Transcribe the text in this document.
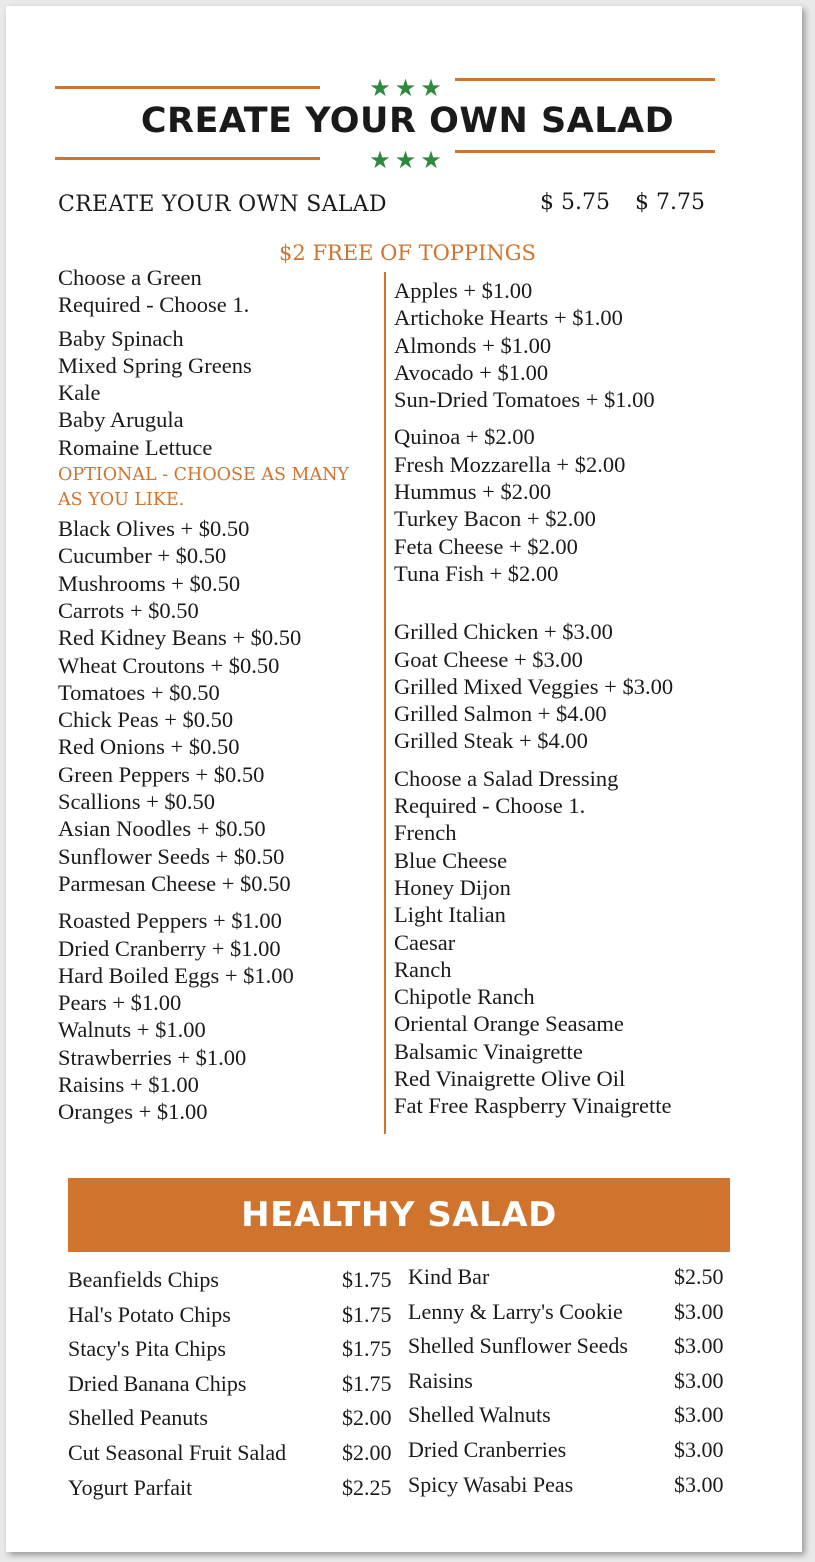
★★★
CREATE YOUR OWN SALAD
★★★
CREATE YOUR OWN SALAD	$ 5.75 $ 7.75
$2 FREE OF TOPPINGS
Choose a Green
Required - Choose 1.
Baby Spinach
Mixed Spring Greens
Kale
Baby Arugula
Romaine Lettuce
OPTIONAL - CHOOSE AS MANY
AS YOU LIKE.
Black Olives + $0.50
Cucumber + $0.50
Mushrooms + $0.50
Carrots + $0.50
Red Kidney Beans + $0.50
Wheat Croutons + $0.50
Tomatoes + $0.50
Chick Peas + $0.50
Red Onions + $0.50
Green Peppers + $0.50
Scallions + $0.50
Asian Noodles + $0.50
Sunflower Seeds + $0.50
Parmesan Cheese + $0.50
Roasted Peppers + $1.00
Dried Cranberry + $1.00
Hard Boiled Eggs + $1.00
Pears + $1.00
Walnuts + $1.00
Strawberries + $1.00
Raisins + $1.00
Oranges + $1.00
Apples + $1.00
Artichoke Hearts + $1.00
Almonds + $1.00
Avocado + $1.00
Sun-Dried Tomatoes + $1.00
Quinoa + $2.00
Fresh Mozzarella + $2.00
Hummus + $2.00
Turkey Bacon + $2.00
Feta Cheese + $2.00
Tuna Fish + $2.00
Grilled Chicken + $3.00
Goat Cheese + $3.00
Grilled Mixed Veggies + $3.00
Grilled Salmon + $4.00
Grilled Steak + $4.00
Choose a Salad Dressing
Required - Choose 1.
French
Blue Cheese
Honey Dijon
Light Italian
Caesar
Ranch
Chipotle Ranch
Oriental Orange Seasame
Balsamic Vinaigrette
Red Vinaigrette Olive Oil
Fat Free Raspberry Vinaigrette
HEALTHY SALAD
Beanfields Chips	$1.75
Hal's Potato Chips	$1.75
Stacy's Pita Chips	$1.75
Dried Banana Chips	$1.75
Shelled Peanuts	$2.00
Cut Seasonal Fruit Salad	$2.00
Yogurt Parfait	$2.25
Kind Bar	$2.50
Lenny & Larry's Cookie $3.00
Shelled Sunflower Seeds $3.00
Raisins	$3.00
Shelled Walnuts	$3.00
Dried Cranberries	$3.00
Spicy Wasabi Peas	$3.00
